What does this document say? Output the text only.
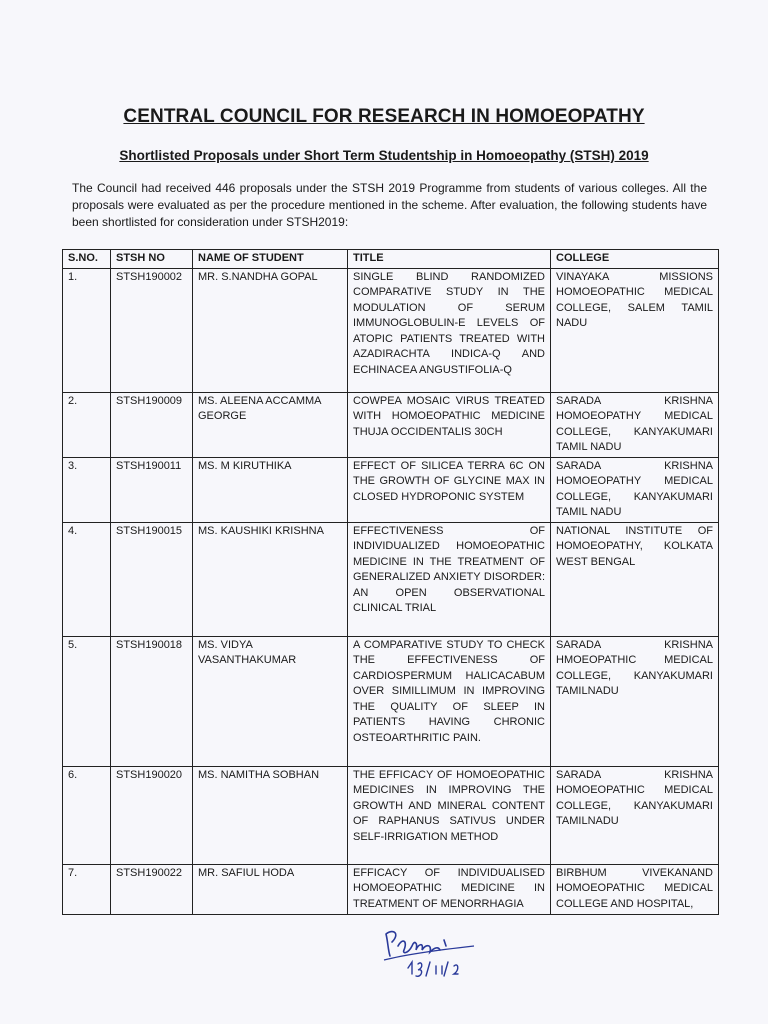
CENTRAL COUNCIL FOR RESEARCH IN HOMOEOPATHY
Shortlisted Proposals under Short Term Studentship in Homoeopathy (STSH) 2019
The Council had received 446 proposals under the STSH 2019 Programme from students of various colleges. All the proposals were evaluated as per the procedure mentioned in the scheme. After evaluation, the following students have been shortlisted for consideration under STSH2019:
S.NO.	STSH NO	NAME OF STUDENT	TITLE	COLLEGE
1.	STSH190002	MR. S.NANDHA GOPAL	SINGLE BLIND RANDOMIZED COMPARATIVE STUDY IN THE MODULATION OF SERUM IMMUNOGLOBULIN-E LEVELS OF ATOPIC PATIENTS TREATED WITH AZADIRACHTA INDICA-Q AND ECHINACEA ANGUSTIFOLIA-Q	VINAYAKA MISSIONS HOMOEOPATHIC MEDICAL COLLEGE, SALEM TAMIL NADU
2.	STSH190009	MS. ALEENA ACCAMMA GEORGE	COWPEA MOSAIC VIRUS TREATED WITH HOMOEOPATHIC MEDICINE THUJA OCCIDENTALIS 30CH	SARADA KRISHNA HOMOEOPATHY MEDICAL COLLEGE, KANYAKUMARI TAMIL NADU
3.	STSH190011	MS. M KIRUTHIKA	EFFECT OF SILICEA TERRA 6C ON THE GROWTH OF GLYCINE MAX IN CLOSED HYDROPONIC SYSTEM	SARADA KRISHNA HOMOEOPATHY MEDICAL COLLEGE, KANYAKUMARI TAMIL NADU
4.	STSH190015	MS. KAUSHIKI KRISHNA	EFFECTIVENESS OF INDIVIDUALIZED HOMOEOPATHIC MEDICINE IN THE TREATMENT OF GENERALIZED ANXIETY DISORDER: AN OPEN OBSERVATIONAL CLINICAL TRIAL	NATIONAL INSTITUTE OF HOMOEOPATHY, KOLKATA WEST BENGAL
5.	STSH190018	MS. VIDYA VASANTHAKUMAR	A COMPARATIVE STUDY TO CHECK THE EFFECTIVENESS OF CARDIOSPERMUM HALICACABUM OVER SIMILLIMUM IN IMPROVING THE QUALITY OF SLEEP IN PATIENTS HAVING CHRONIC OSTEOARTHRITIC PAIN.	SARADA KRISHNA HMOEOPATHIC MEDICAL COLLEGE, KANYAKUMARI TAMILNADU
6.	STSH190020	MS. NAMITHA SOBHAN	THE EFFICACY OF HOMOEOPATHIC MEDICINES IN IMPROVING THE GROWTH AND MINERAL CONTENT OF RAPHANUS SATIVUS UNDER SELF-IRRIGATION METHOD	SARADA KRISHNA HOMOEOPATHIC MEDICAL COLLEGE, KANYAKUMARI TAMILNADU
7.	STSH190022	MR. SAFIUL HODA	EFFICACY OF INDIVIDUALISED HOMOEOPATHIC MEDICINE IN TREATMENT OF MENORRHAGIA	BIRBHUM VIVEKANAND HOMOEOPATHIC MEDICAL COLLEGE AND HOSPITAL,
